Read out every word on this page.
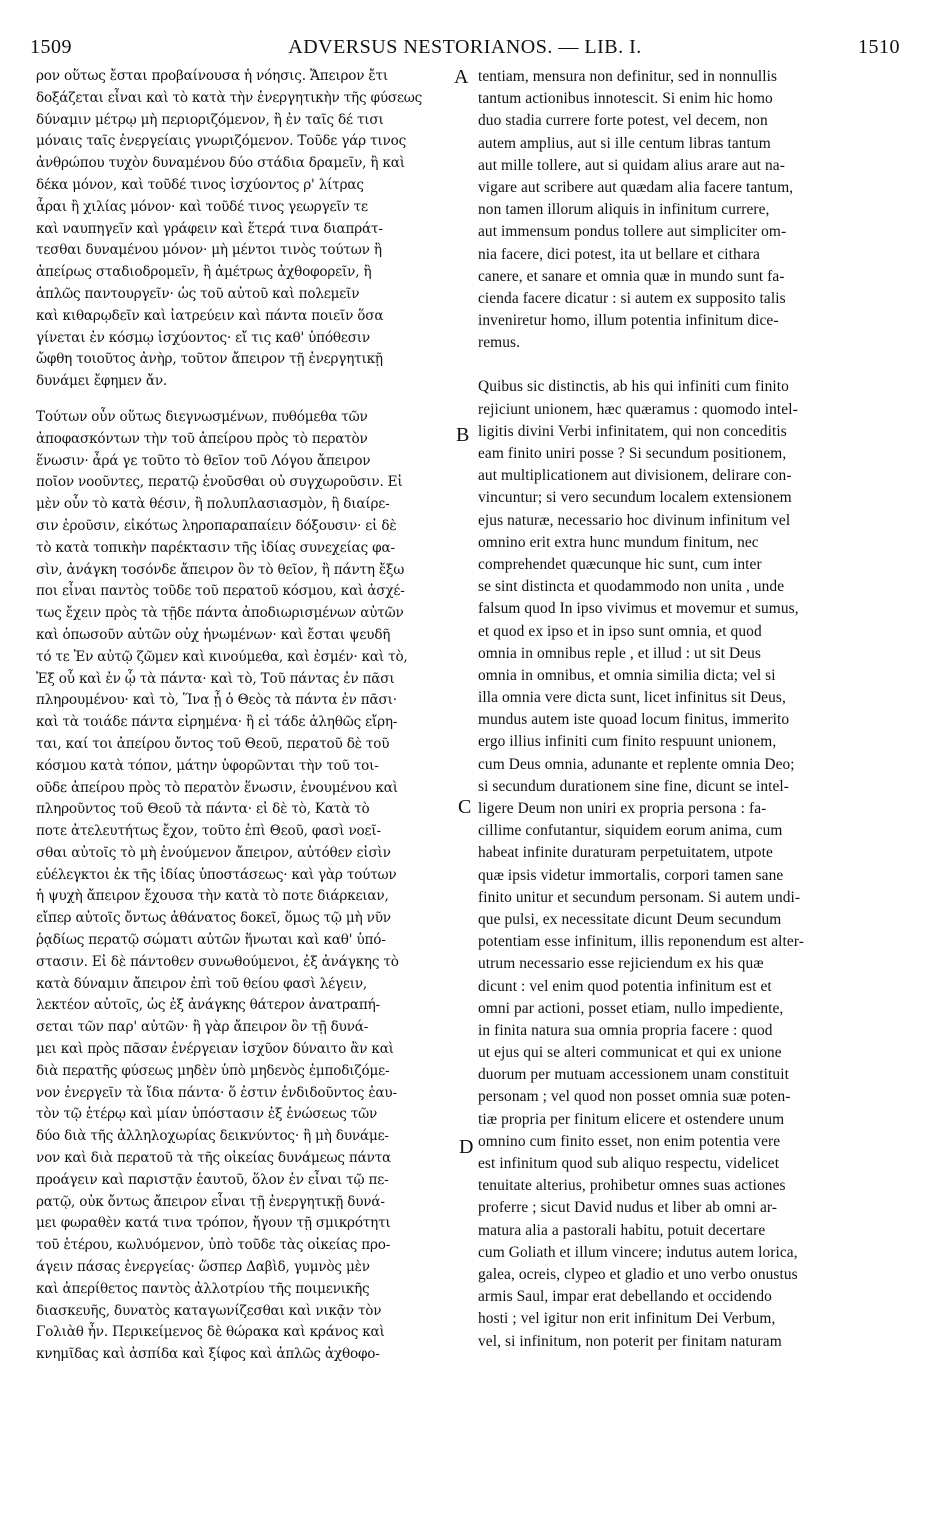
1509	ADVERSUS NESTORIANOS. — LIB. I.	1510
ρον οὕτως ἔσται προβαίνουσα ἡ νόησις. Ἄπειρον ἔτι
δοξάζεται εἶναι καὶ τὸ κατὰ τὴν ἐνεργητικὴν τῆς φύσεως
δύναμιν μέτρῳ μὴ περιοριζόμενον, ἢ ἐν ταῖς δέ τισι
μόναις ταῖς ἐνεργείαις γνωριζόμενον. Τοῦδε γάρ τινος
ἀνθρώπου τυχὸν δυναμένου δύο στάδια δραμεῖν, ἢ καὶ
δέκα μόνον, καὶ τοῦδέ τινος ἰσχύοντος ρ' λίτρας
ἆραι ἢ χιλίας μόνον· καὶ τοῦδέ τινος γεωργεῖν τε
καὶ ναυπηγεῖν καὶ γράφειν καὶ ἕτερά τινα διαπράτ-
τεσθαι δυναμένου μόνον· μὴ μέντοι τινὸς τούτων ἢ
ἀπείρως σταδιοδρομεῖν, ἢ ἀμέτρως ἀχθοφορεῖν, ἢ
ἁπλῶς παντουργεῖν· ὡς τοῦ αὐτοῦ καὶ πολεμεῖν
καὶ κιθαρῳδεῖν καὶ ἰατρεύειν καὶ πάντα ποιεῖν ὅσα
γίνεται ἐν κόσμῳ ἰσχύοντος· εἴ τις καθ' ὑπόθεσιν
ὤφθη τοιοῦτος ἀνὴρ, τοῦτον ἄπειρον τῇ ἐνεργητικῇ
δυνάμει ἔφημεν ἄν.
Τούτων οὖν οὕτως διεγνωσμένων, πυθόμεθα τῶν
ἀποφασκόντων τὴν τοῦ ἀπείρου πρὸς τὸ περατὸν
ἕνωσιν· ἆρά γε τοῦτο τὸ θεῖον τοῦ Λόγου ἄπειρον
ποῖον νοοῦντες, περατῷ ἑνοῦσθαι οὐ συγχωροῦσιν. Εἰ
μὲν οὖν τὸ κατὰ θέσιν, ἢ πολυπλασιασμὸν, ἢ διαίρε-
σιν ἐροῦσιν, εἰκότως ληροπαραπαίειν δόξουσιν· εἰ δὲ
τὸ κατὰ τοπικὴν παρέκτασιν τῆς ἰδίας συνεχείας φα-
σὶν, ἀνάγκη τοσόνδε ἄπειρον ὂν τὸ θεῖον, ἢ πάντη ἔξω
ποι εἶναι παντὸς τοῦδε τοῦ περατοῦ κόσμου, καὶ ἀσχέ-
τως ἔχειν πρὸς τὰ τῇδε πάντα ἀποδιωρισμένων αὐτῶν
καὶ ὁπωσοῦν αὐτῶν οὐχ ἡνωμένων· καὶ ἔσται ψευδῆ
τό τε Ἐν αὐτῷ ζῶμεν καὶ κινούμεθα, καὶ ἐσμέν· καὶ τὸ,
Ἐξ οὗ καὶ ἐν ᾧ τὰ πάντα· καὶ τὸ, Τοῦ πάντας ἐν πᾶσι
πληρουμένου· καὶ τὸ, Ἵνα ᾖ ὁ Θεὸς τὰ πάντα ἐν πᾶσι·
καὶ τὰ τοιάδε πάντα εἰρημένα· ἢ εἰ τάδε ἀληθῶς εἴρη-
ται, καί τοι ἀπείρου ὄντος τοῦ Θεοῦ, περατοῦ δὲ τοῦ
κόσμου κατὰ τόπον, μάτην ὑφορῶνται τὴν τοῦ τοι-
οῦδε ἀπείρου πρὸς τὸ περατὸν ἕνωσιν, ἑνουμένου καὶ
πληροῦντος τοῦ Θεοῦ τὰ πάντα· εἰ δὲ τὸ, Κατὰ τὸ
ποτε ἀτελευτήτως ἔχον, τοῦτο ἐπὶ Θεοῦ, φασὶ νοεῖ-
σθαι αὐτοῖς τὸ μὴ ἑνούμενον ἄπειρον, αὐτόθεν εἰσὶν
εὐέλεγκτοι ἐκ τῆς ἰδίας ὑποστάσεως· καὶ γὰρ τούτων
ἡ ψυχὴ ἄπειρον ἔχουσα τὴν κατὰ τὸ ποτε διάρκειαν,
εἴπερ αὐτοῖς ὄντως ἀθάνατος δοκεῖ, ὅμως τῷ μὴ νῦν
ῥᾳδίως περατῷ σώματι αὐτῶν ἥνωται καὶ καθ' ὑπό-
στασιν. Εἰ δὲ πάντοθεν συνωθούμενοι, ἐξ ἀνάγκης τὸ
κατὰ δύναμιν ἄπειρον ἐπὶ τοῦ θείου φασὶ λέγειν,
λεκτέον αὐτοῖς, ὡς ἐξ ἀνάγκης θάτερον ἀνατραπή-
σεται τῶν παρ' αὐτῶν· ἢ γὰρ ἄπειρον ὂν τῇ δυνά-
μει καὶ πρὸς πᾶσαν ἐνέργειαν ἰσχῦον δύναιτο ἂν καὶ
διὰ περατῆς φύσεως μηδὲν ὑπὸ μηδενὸς ἐμποδιζόμε-
νον ἐνεργεῖν τὰ ἴδια πάντα· ὅ ἐστιν ἐνδιδοῦντος ἑαυ-
τὸν τῷ ἑτέρῳ καὶ μίαν ὑπόστασιν ἐξ ἑνώσεως τῶν
δύο διὰ τῆς ἀλληλοχωρίας δεικνύντος· ἢ μὴ δυνάμε-
νον καὶ διὰ περατοῦ τὰ τῆς οἰκείας δυνάμεως πάντα
προάγειν καὶ παριστᾷν ἑαυτοῦ, ὅλον ἐν εἶναι τῷ πε-
ρατῷ, οὐκ ὄντως ἄπειρον εἶναι τῇ ἐνεργητικῇ δυνά-
μει φωραθὲν κατά τινα τρόπον, ἤγουν τῇ σμικρότητι
τοῦ ἑτέρου, κωλυόμενον, ὑπὸ τοῦδε τὰς οἰκείας προ-
άγειν πάσας ἐνεργείας· ὥσπερ Δαβὶδ, γυμνὸς μὲν
καὶ ἀπερίθετος παντὸς ἀλλοτρίου τῆς ποιμενικῆς
διασκευῆς, δυνατὸς καταγωνίζεσθαι καὶ νικᾷν τὸν
Γολιὰθ ἦν. Περικείμενος δὲ θώρακα καὶ κράνος καὶ
κνημῖδας καὶ ἀσπίδα καὶ ξίφος καὶ ἁπλῶς ἀχθοφο-
tentiam, mensura non definitur, sed in nonnullis
tantum actionibus innotescit. Si enim hic homo
duo stadia currere forte potest, vel decem, non
autem amplius, aut si ille centum libras tantum
aut mille tollere, aut si quidam alius arare aut na-
vigare aut scribere aut quædam alia facere tantum,
non tamen illorum aliquis in infinitum currere,
aut immensum pondus tollere aut simpliciter om-
nia facere, dici potest, ita ut bellare et cithara
canere, et sanare et omnia quæ in mundo sunt fa-
cienda facere dicatur : si autem ex supposito talis
inveniretur homo, illum potentia infinitum dice-
remus.
Quibus sic distinctis, ab his qui infiniti cum finito
rejiciunt unionem, hæc quæramus : quomodo intel-
ligitis divini Verbi infinitatem, qui non conceditis
eam finito uniri posse ? Si secundum positionem,
aut multiplicationem aut divisionem, delirare con-
vincuntur; si vero secundum localem extensionem
ejus naturæ, necessario hoc divinum infinitum vel
omnino erit extra hunc mundum finitum, nec
comprehendet quæcunque hic sunt, cum inter
se sint distincta et quodammodo non unita , unde
falsum quod In ipso vivimus et movemur et sumus,
et quod ex ipso et in ipso sunt omnia, et quod
omnia in omnibus reple , et illud : ut sit Deus
omnia in omnibus, et omnia similia dicta; vel si
illa omnia vere dicta sunt, licet infinitus sit Deus,
mundus autem iste quoad locum finitus, immerito
ergo illius infiniti cum finito respuunt unionem,
cum Deus omnia, adunante et replente omnia Deo;
si secundum durationem sine fine, dicunt se intel-
ligere Deum non uniri ex propria persona : fa-
cillime confutantur, siquidem eorum anima, cum
habeat infinite duraturam perpetuitatem, utpote
quæ ipsis videtur immortalis, corpori tamen sane
finito unitur et secundum personam. Si autem undi-
que pulsi, ex necessitate dicunt Deum secundum
potentiam esse infinitum, illis reponendum est alter-
utrum necessario esse rejiciendum ex his quæ
dicunt : vel enim quod potentia infinitum est et
omni par actioni, posset etiam, nullo impediente,
in finita natura sua omnia propria facere : quod
ut ejus qui se alteri communicat et qui ex unione
duorum per mutuam accessionem unam constituit
personam ; vel quod non posset omnia suæ poten-
tiæ propria per finitum elicere et ostendere unum
omnino cum finito esset, non enim potentia vere
est infinitum quod sub aliquo respectu, videlicet
tenuitate alterius, prohibetur omnes suas actiones
proferre ; sicut David nudus et liber ab omni ar-
matura alia a pastorali habitu, potuit decertare
cum Goliath et illum vincere; indutus autem lorica,
galea, ocreis, clypeo et gladio et uno verbo onustus
armis Saul, impar erat debellando et occidendo
hosti ; vel igitur non erit infinitum Dei Verbum,
vel, si infinitum, non poterit per finitam naturam
A
B
C
D
